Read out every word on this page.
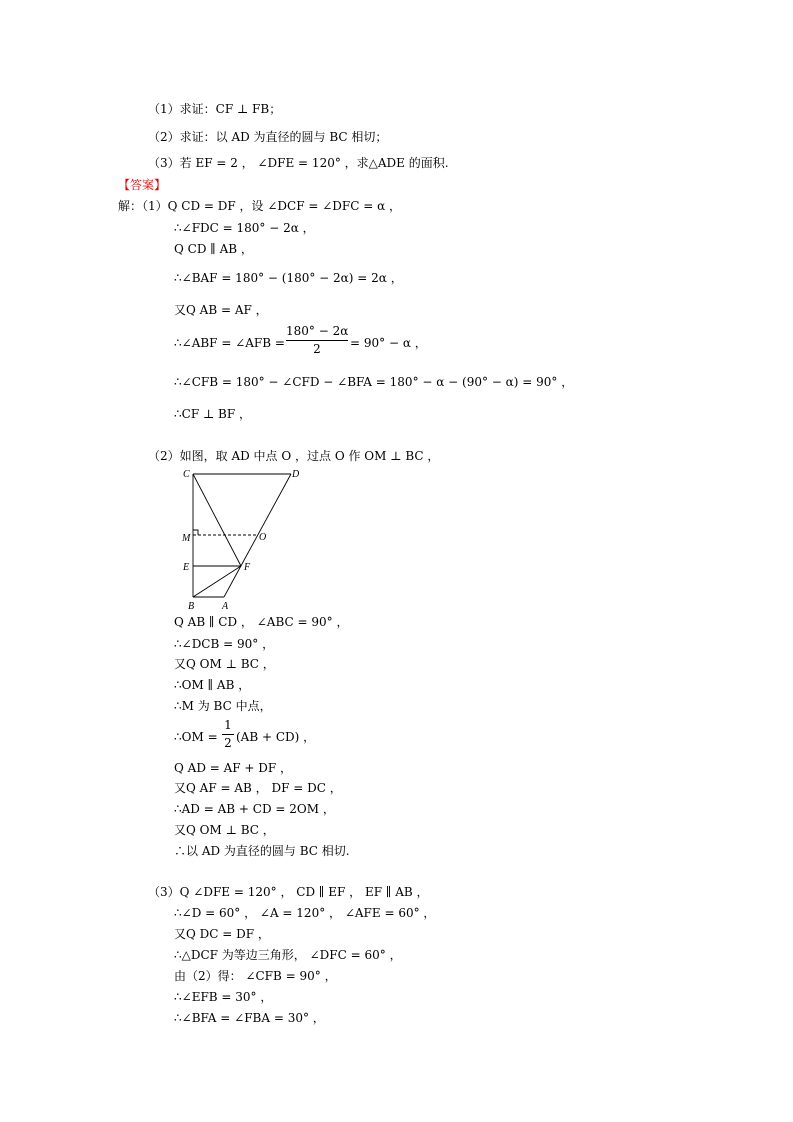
（1）求证：CF ⊥ FB；
（2）求证：以 AD 为直径的圆与 BC 相切；
（3）若 EF = 2 ， ∠DFE = 120° ，求△ADE 的面积.
【答案】
解：（1）Q CD = DF ，设 ∠DCF = ∠DFC = α ，
∴∠FDC = 180° − 2α ，
Q CD ∥ AB ，
∴∠BAF = 180° − (180° − 2α) = 2α ，
又Q AB = AF ，
∴∠ABF = ∠AFB =
180° − 2α
2	= 90° − α ，
∴∠CFB = 180° − ∠CFD − ∠BFA = 180° − α − (90° − α) = 90° ，
∴CF ⊥ BF ，
（2）如图，取 AD 中点 O ，过点 O 作 OM ⊥ BC ，
C	D
M	O
E	F
B	A
Q AB ∥ CD ， ∠ABC = 90° ，
∴∠DCB = 90° ，
又Q OM ⊥ BC ，
∴OM ∥ AB ，
∴M 为 BC 中点，
∴OM =
1
2 (AB + CD) ，
Q AD = AF + DF ，
又Q AF = AB ， DF = DC ，
∴AD = AB + CD = 2OM ，
又Q OM ⊥ BC ，
∴以 AD 为直径的圆与 BC 相切.
（3）Q ∠DFE = 120° ， CD ∥ EF ， EF ∥ AB ，
∴∠D = 60° ， ∠A = 120° ， ∠AFE = 60° ，
又Q DC = DF ，
∴△DCF 为等边三角形， ∠DFC = 60° ，
由（2）得： ∠CFB = 90° ，
∴∠EFB = 30° ，
∴∠BFA = ∠FBA = 30° ，
